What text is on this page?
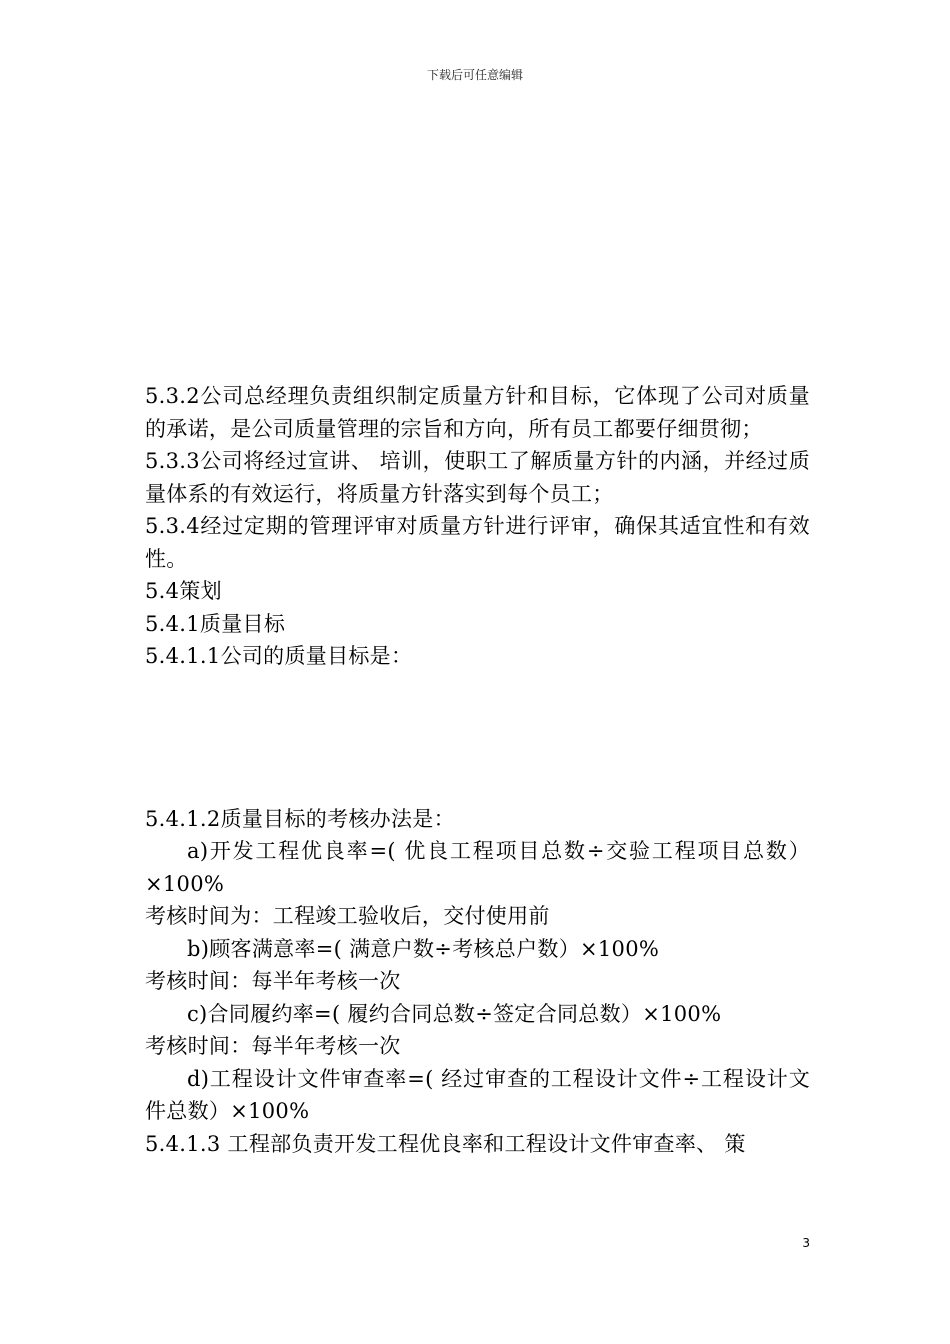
下载后可任意编辑

5.3.2公司总经理负责组织制定质量方针和目标，它体现了公司对质量的承诺，是公司质量管理的宗旨和方向，所有员工都要仔细贯彻；

5.3.3公司将经过宣讲、 培训，使职工了解质量方针的内涵，并经过质量体系的有效运行，将质量方针落实到每个员工；

5.3.4经过定期的管理评审对质量方针进行评审，确保其适宜性和有效性。

5.4策划

5.4.1质量目标

5.4.1.1公司的质量目标是：

5.4.1.2质量目标的考核办法是：

a)开发工程优良率=( 优良工程项目总数÷交验工程项目总数）×100%

考核时间为：工程竣工验收后，交付使用前

b)顾客满意率=( 满意户数÷考核总户数）×100%

考核时间：每半年考核一次

c)合同履约率=( 履约合同总数÷签定合同总数）×100%

考核时间：每半年考核一次

d)工程设计文件审查率=( 经过审查的工程设计文件÷工程设计文件总数）×100%

5.4.1.3 工程部负责开发工程优良率和工程设计文件审查率、 策

3
